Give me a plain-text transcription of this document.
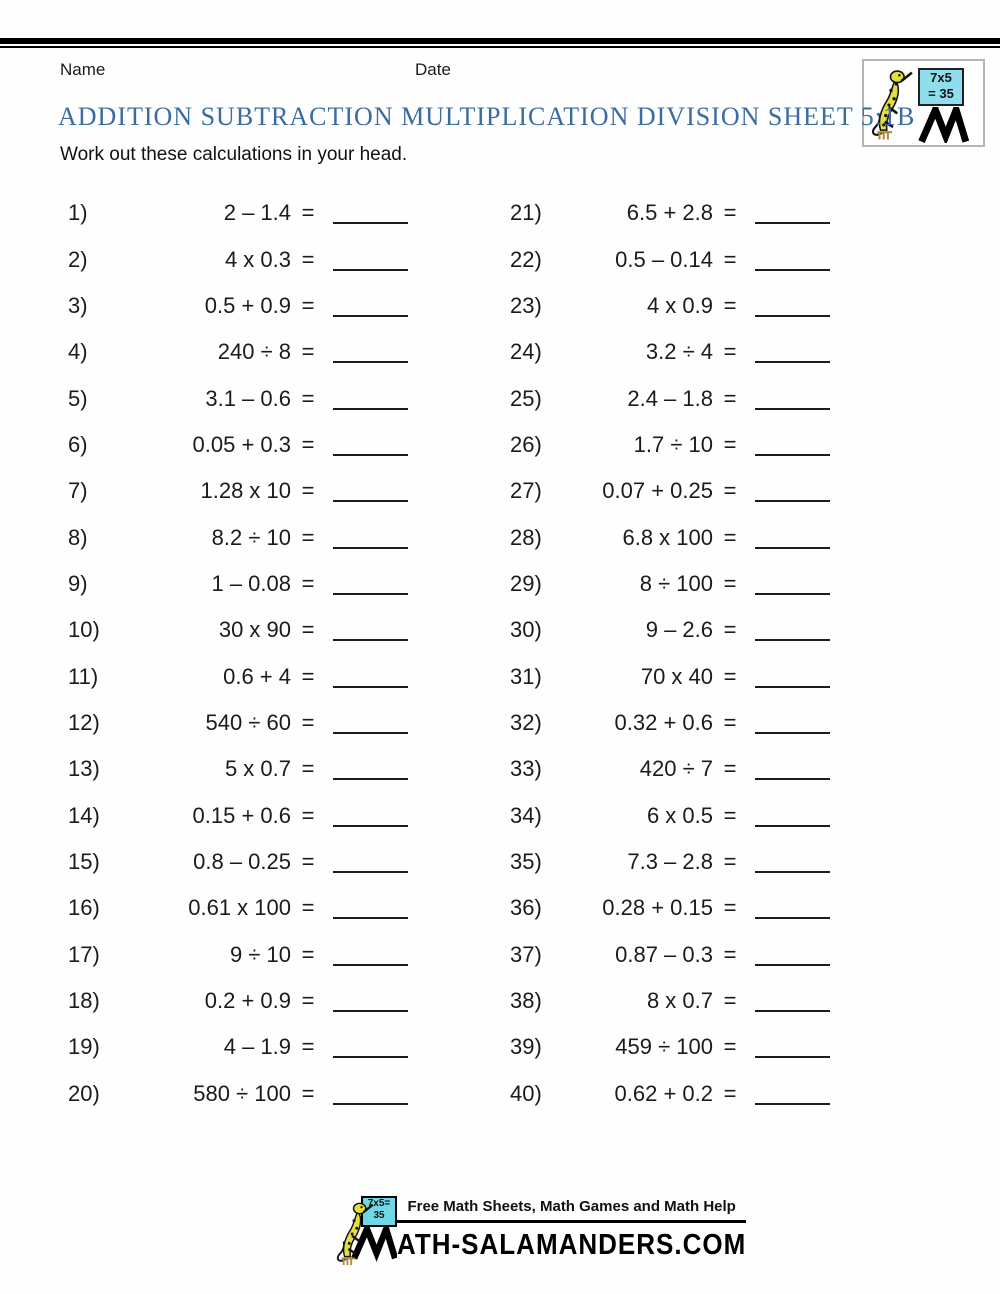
Name	Date	7x5
= 35
ADDITION SUBTRACTION MULTIPLICATION DIVISION SHEET 5:1B
Work out these calculations in your head.
1)	2 – 1.4 =
2)	4 x 0.3 =
3)	0.5 + 0.9 =
4)	240 ÷ 8 =
5)	3.1 – 0.6 =
6)	0.05 + 0.3 =
7)	1.28 x 10 =
8)	8.2 ÷ 10 =
9)	1 – 0.08 =
10)	30 x 90 =
11)	0.6 + 4 =
12)	540 ÷ 60 =
13)	5 x 0.7 =
14)	0.15 + 0.6 =
15)	0.8 – 0.25 =
16)	0.61 x 100 =
17)	9 ÷ 10 =
18)	0.2 + 0.9 =
19)	4 – 1.9 =
20)	580 ÷ 100 =
21)	6.5 + 2.8 =
22)	0.5 – 0.14 =
23)	4 x 0.9 =
24)	3.2 ÷ 4 =
25)	2.4 – 1.8 =
26)	1.7 ÷ 10 =
27)	0.07 + 0.25 =
28)	6.8 x 100 =
29)	8 ÷ 100 =
30)	9 – 2.6 =
31)	70 x 40 =
32)	0.32 + 0.6 =
33)	420 ÷ 7 =
34)	6 x 0.5 =
35)	7.3 – 2.8 =
36)	0.28 + 0.15 =
37)	0.87 – 0.3 =
38)	8 x 0.7 =
39)	459 ÷ 100 =
40)	0.62 + 0.2 =
7x5=
35
Free Math Sheets, Math Games and Math Help
ATH-SALAMANDERS.COM
